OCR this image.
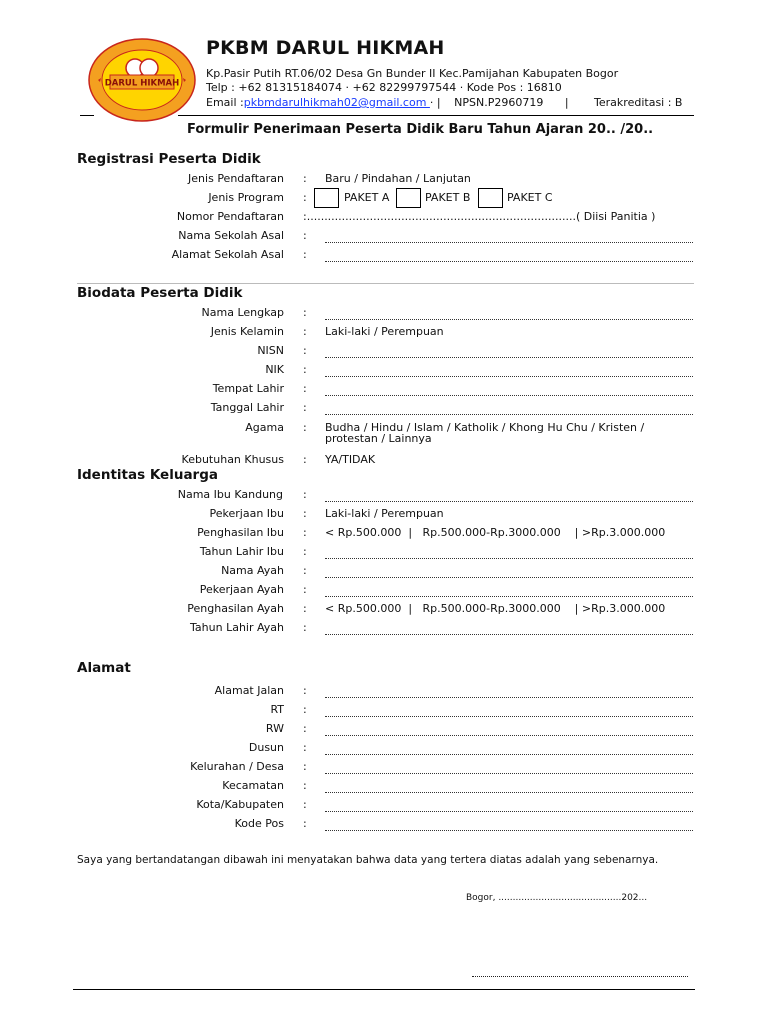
DARUL HIKMAH
PKBM DARUL HIKMAH
Kp.Pasir Putih RT.06/02 Desa Gn Bunder II Kec.Pamijahan Kabupaten Bogor
Telp : +62 81315184074 · +62 82299797544 · Kode Pos : 16810
Email :pkbmdarulhikmah02@gmail.com · | NPSN.P2960719 | Terakreditasi : B
Formulir Penerimaan Peserta Didik Baru Tahun Ajaran 20.. /20..
Registrasi Peserta Didik
Jenis Pendaftaran : Baru / Pindahan / Lanjutan
Jenis Program :	PAKET A	PAKET B	PAKET C
Nomor Pendaftaran :.............................................................................( Diisi Panitia )
Nama Sekolah Asal :
Alamat Sekolah Asal :
Biodata Peserta Didik
Nama Lengkap :
Jenis Kelamin : Laki-laki / Perempuan
NISN :
NIK :
Tempat Lahir :
Tanggal Lahir :
Agama : Budha / Hindu / Islam / Katholik / Khong Hu Chu / Kristen /
protestan / Lainnya
Kebutuhan Khusus : YA/TIDAK
Identitas Keluarga
Nama Ibu Kandung :
Pekerjaan Ibu : Laki-laki / Perempuan
Penghasilan Ibu : < Rp.500.000  |   Rp.500.000-Rp.3000.000    | >Rp.3.000.000
Tahun Lahir Ibu :
Nama Ayah :
Pekerjaan Ayah :
Penghasilan Ayah : < Rp.500.000  |   Rp.500.000-Rp.3000.000    | >Rp.3.000.000
Tahun Lahir Ayah :
Alamat
Alamat Jalan :
RT :
RW :
Dusun :
Kelurahan / Desa :
Kecamatan :
Kota/Kabupaten :
Kode Pos :
Saya yang bertandatangan dibawah ini menyatakan bahwa data yang tertera diatas adalah yang sebenarnya.
Bogor, ...........................................202...
